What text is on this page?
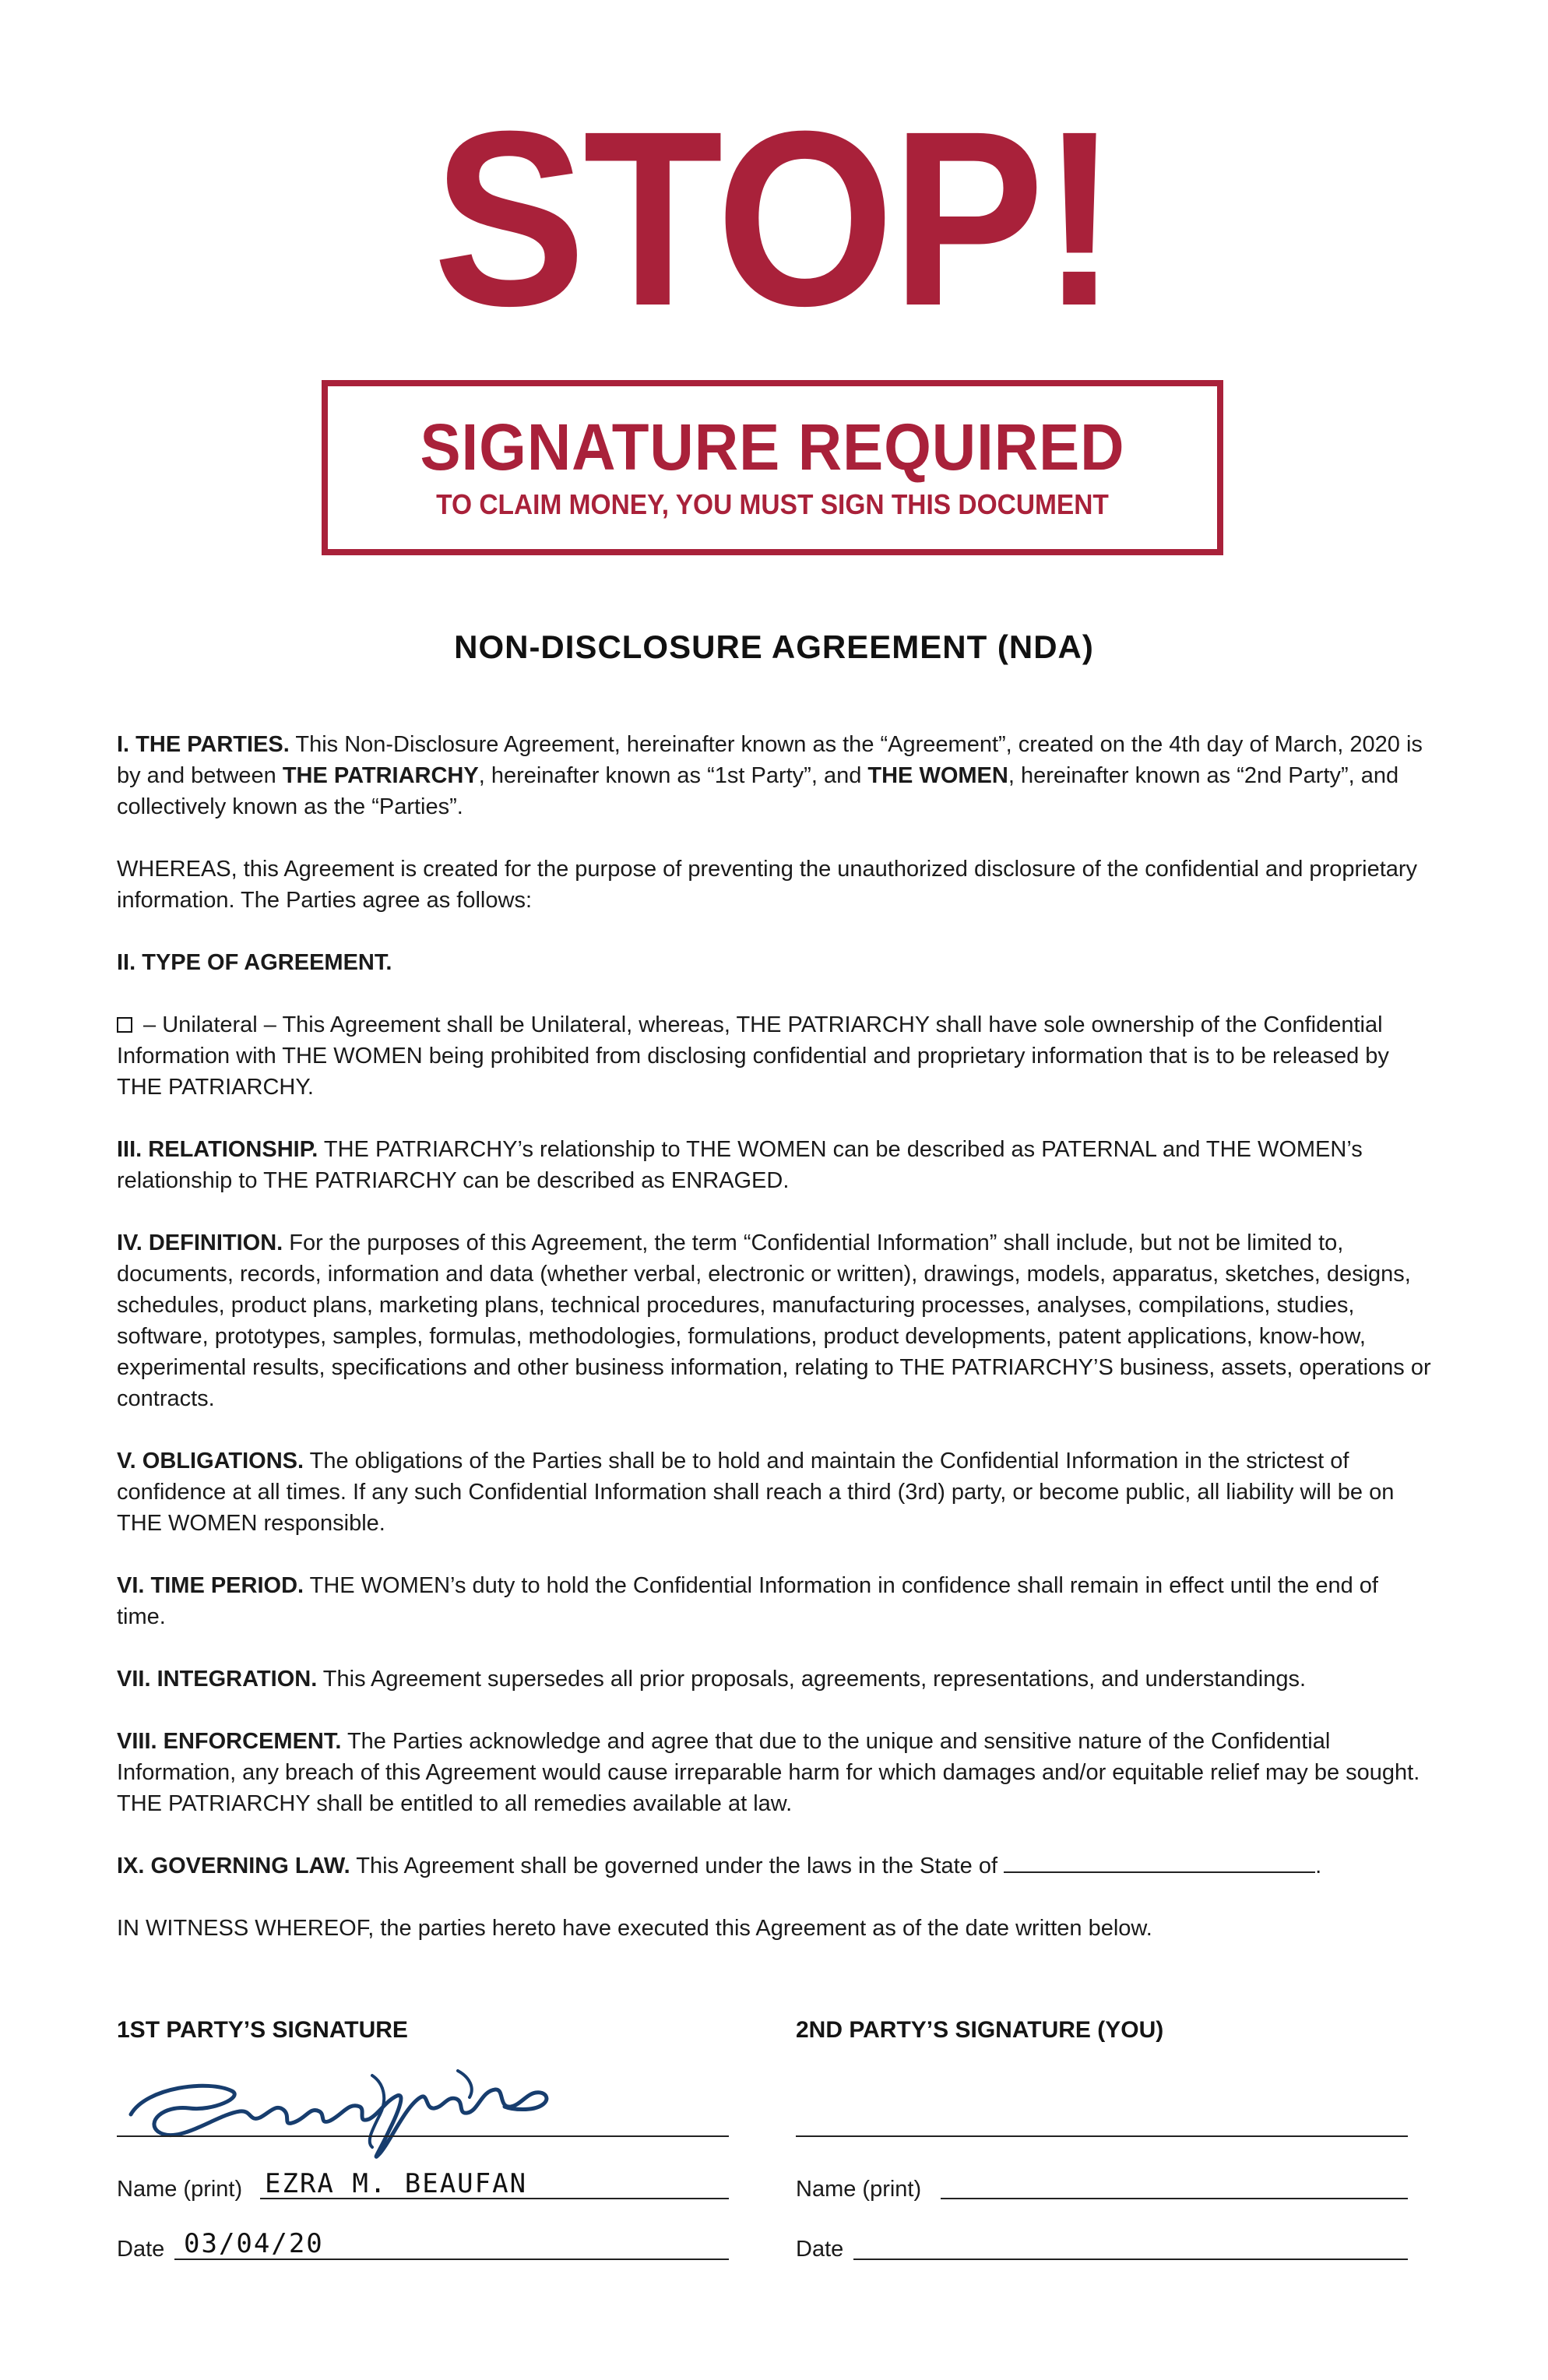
STOP!
SIGNATURE REQUIRED
TO CLAIM MONEY, YOU MUST SIGN THIS DOCUMENT
NON-DISCLOSURE AGREEMENT (NDA)

I. THE PARTIES. This Non-Disclosure Agreement, hereinafter known as the “Agreement”, created on the 4th day of March, 2020 is by and between THE PATRIARCHY, hereinafter known as “1st Party”, and THE WOMEN, hereinafter known as “2nd Party”, and collectively known as the “Parties”.

WHEREAS, this Agreement is created for the purpose of preventing the unauthorized disclosure of the confidential and proprietary information. The Parties agree as follows:

II. TYPE OF AGREEMENT.

– Unilateral – This Agreement shall be Unilateral, whereas, THE PATRIARCHY shall have sole ownership of the Confidential Information with THE WOMEN being prohibited from disclosing confidential and proprietary information that is to be released by THE PATRIARCHY.

III. RELATIONSHIP. THE PATRIARCHY’s relationship to THE WOMEN can be described as PATERNAL and THE WOMEN’s relationship to THE PATRIARCHY can be described as ENRAGED.

IV. DEFINITION. For the purposes of this Agreement, the term “Confidential Information” shall include, but not be limited to, documents, records, information and data (whether verbal, electronic or written), drawings, models, apparatus, sketches, designs, schedules, product plans, marketing plans, technical procedures, manufacturing processes, analyses, compilations, studies, software, prototypes, samples, formulas, methodologies, formulations, product developments, patent applications, know-how, experimental results, specifications and other business information, relating to THE PATRIARCHY’S business, assets, operations or contracts.

V. OBLIGATIONS. The obligations of the Parties shall be to hold and maintain the Confidential Information in the strictest of confidence at all times. If any such Confidential Information shall reach a third (3rd) party, or become public, all liability will be on THE WOMEN responsible.

VI. TIME PERIOD. THE WOMEN’s duty to hold the Confidential Information in confidence shall remain in effect until the end of time.

VII. INTEGRATION. This Agreement supersedes all prior proposals, agreements, representations, and understandings.

VIII. ENFORCEMENT. The Parties acknowledge and agree that due to the unique and sensitive nature of the Confidential Information, any breach of this Agreement would cause irreparable harm for which damages and/or equitable relief may be sought. THE PATRIARCHY shall be entitled to all remedies available at law.

IX. GOVERNING LAW. This Agreement shall be governed under the laws in the State of	.

IN WITNESS WHEREOF, the parties hereto have executed this Agreement as of the date written below.

1ST PARTY’S SIGNATURE
Name (print) EZRA M. BEAUFAN
Date 03/04/20
2ND PARTY’S SIGNATURE (YOU)
Name (print)
Date
